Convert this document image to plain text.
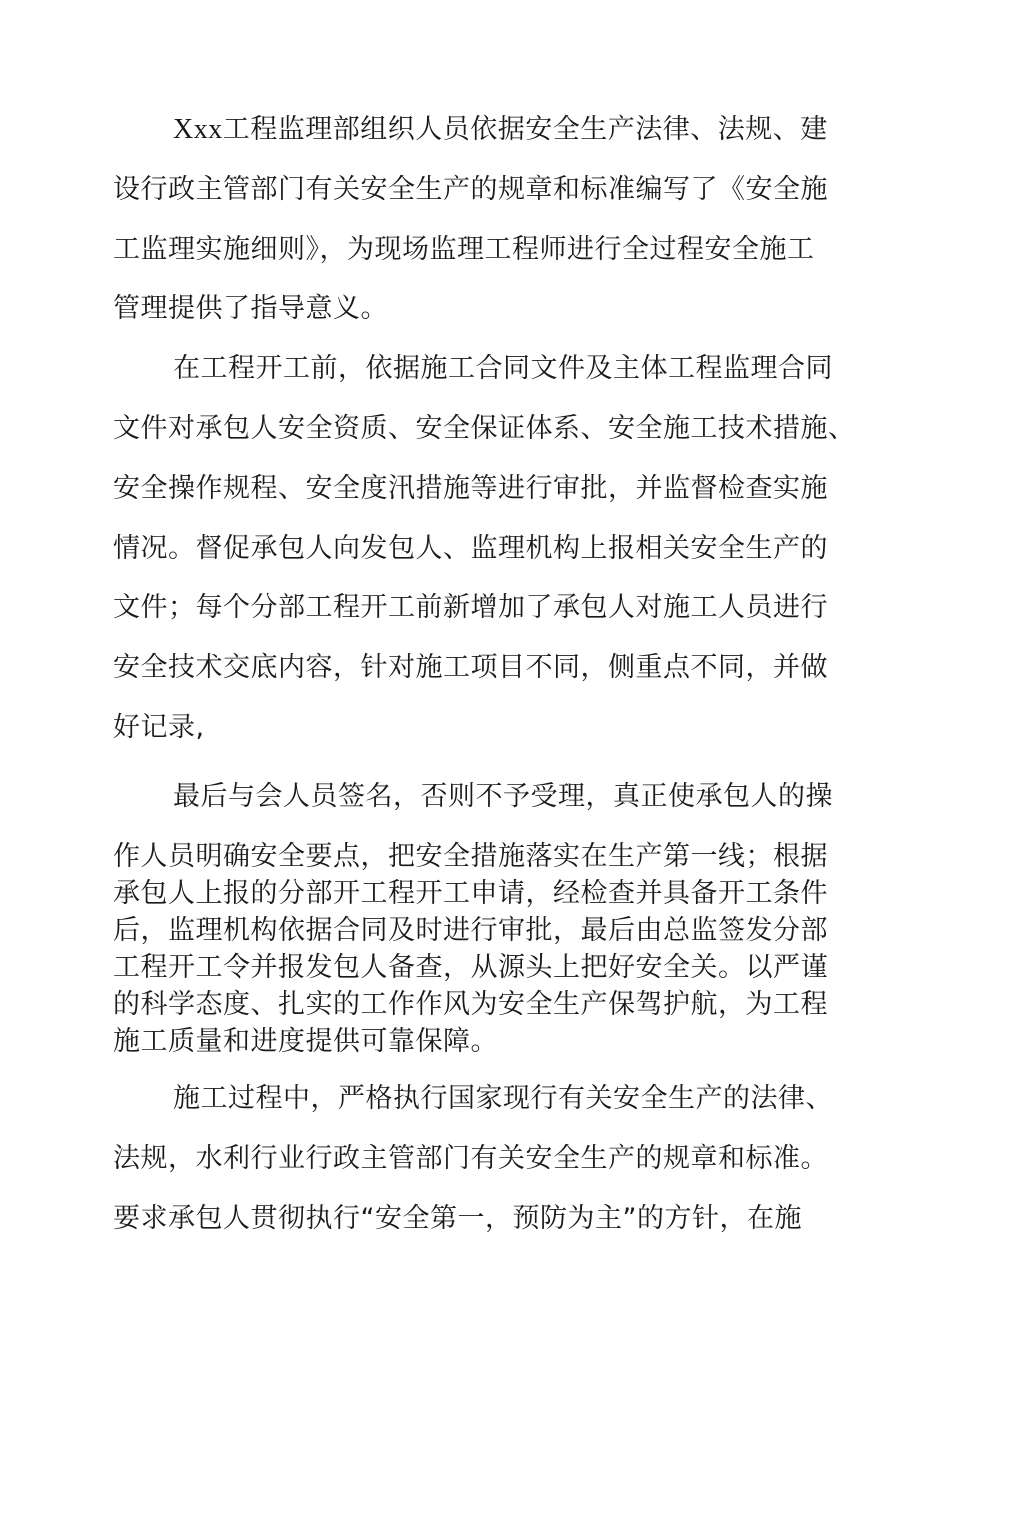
Xxx工程监理部组织人员依据安全生产法律、法规、建

设行政主管部门有关安全生产的规章和标准编写了《安全施

工监理实施细则》，为现场监理工程师进行全过程安全施工

管理提供了指导意义。

在工程开工前，依据施工合同文件及主体工程监理合同

文件对承包人安全资质、安全保证体系、安全施工技术措施、

安全操作规程、安全度汛措施等进行审批，并监督检查实施

情况。督促承包人向发包人、监理机构上报相关安全生产的

文件；每个分部工程开工前新增加了承包人对施工人员进行

安全技术交底内容，针对施工项目不同，侧重点不同，并做

好记录,

最后与会人员签名，否则不予受理，真正使承包人的操

作人员明确安全要点，把安全措施落实在生产第一线；根据

承包人上报的分部开工程开工申请，经检查并具备开工条件

后，监理机构依据合同及时进行审批，最后由总监签发分部

工程开工令并报发包人备查，从源头上把好安全关。以严谨

的科学态度、扎实的工作作风为安全生产保驾护航，为工程

施工质量和进度提供可靠保障。

施工过程中，严格执行国家现行有关安全生产的法律、

法规，水利行业行政主管部门有关安全生产的规章和标准。

要求承包人贯彻执行“安全第一，预防为主”的方针，在施
